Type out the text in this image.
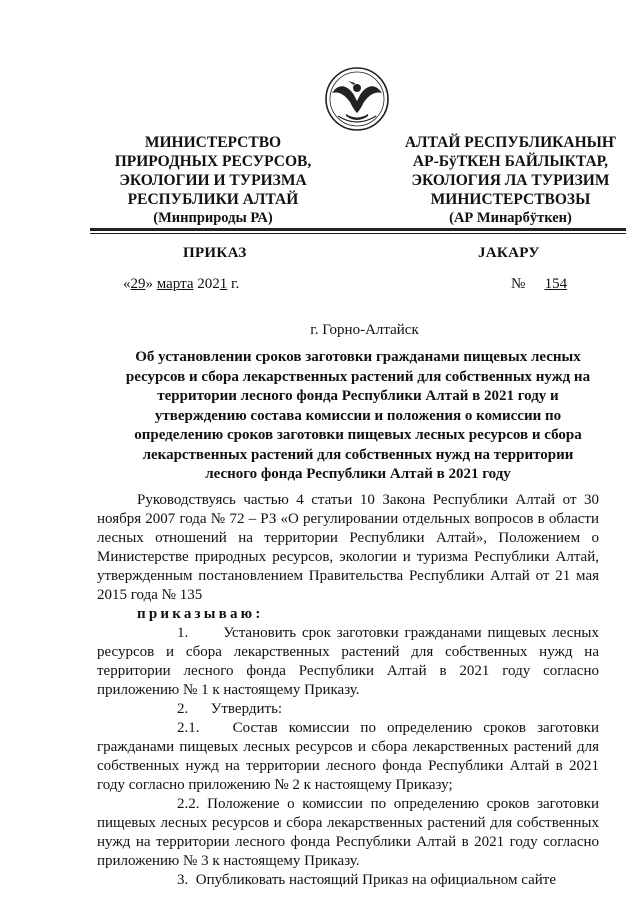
МИНИСТЕРСТВО
ПРИРОДНЫХ РЕСУРСОВ,
ЭКОЛОГИИ И ТУРИЗМА
РЕСПУБЛИКИ АЛТАЙ
(Минприроды РА)
АЛТАЙ РЕСПУБЛИКАНЫҤ
АР-БÿТКЕН БАЙЛЫКТАР,
ЭКОЛОГИЯ ЛА ТУРИЗИМ
МИНИСТЕРСТВОЗЫ
(АР Минарбÿткен)
ПРИКАЗ	JАКАРУ
«29» марта 2021 г.	№ 154
г. Горно-Алтайск
Об установлении сроков заготовки гражданами пищевых лесных
ресурсов и сбора лекарственных растений для собственных нужд на
территории лесного фонда Республики Алтай в 2021 году и
утверждению состава комиссии и положения о комиссии по
определению сроков заготовки пищевых лесных ресурсов и сбора
лекарственных растений для собственных нужд на территории
лесного фонда Республики Алтай в 2021 году

Руководствуясь частью 4 статьи 10 Закона Республики Алтай от 30 ноября 2007 года № 72 – РЗ «О регулировании отдельных вопросов в области лесных отношений на территории Республики Алтай», Положением о Министерстве природных ресурсов, экологии и туризма Республики Алтай, утвержденным постановлением Правительства Республики Алтай от 21 мая 2015 года № 135

приказываю:

1. Установить срок заготовки гражданами пищевых лесных ресурсов и сбора лекарственных растений для собственных нужд на территории лесного фонда Республики Алтай в 2021 году согласно приложению № 1 к настоящему Приказу.

2. Утвердить:

2.1. Состав комиссии по определению сроков заготовки гражданами пищевых лесных ресурсов и сбора лекарственных растений для собственных нужд на территории лесного фонда Республики Алтай в 2021 году согласно приложению № 2 к настоящему Приказу;

2.2. Положение о комиссии по определению сроков заготовки пищевых лесных ресурсов и сбора лекарственных растений для собственных нужд на территории лесного фонда Республики Алтай в 2021 году согласно приложению № 3 к настоящему Приказу.

3. Опубликовать настоящий Приказ на официальном сайте
